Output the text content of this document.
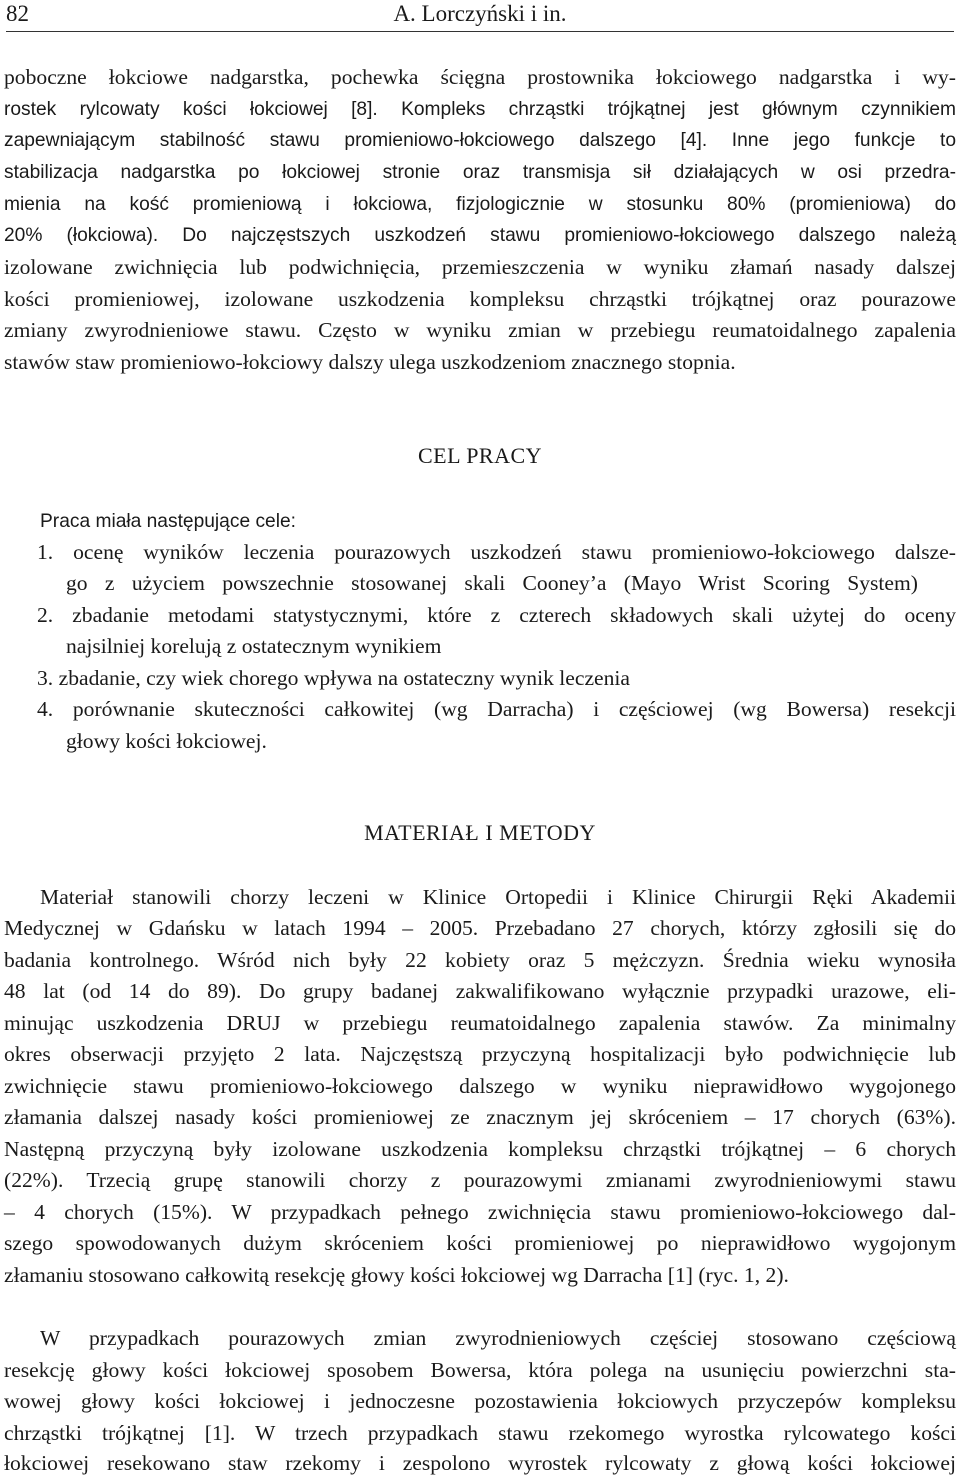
82	A. Lorczyński i in.
poboczne łokciowe nadgarstka, pochewka ścięgna prostownika łokciowego nadgarstka i wy-
rostek rylcowaty kości łokciowej [8]. Kompleks chrząstki trójkątnej jest głównym czynnikiem
zapewniającym stabilność stawu promieniowo-łokciowego dalszego [4]. Inne jego funkcje to
stabilizacja nadgarstka po łokciowej stronie oraz transmisja sił działających w osi przedra-
mienia na kość promieniową i łokciowa, fizjologicznie w stosunku 80% (promieniowa) do
20% (łokciowa). Do najczęstszych uszkodzeń stawu promieniowo-łokciowego dalszego należą
izolowane zwichnięcia lub podwichnięcia, przemieszczenia w wyniku złamań nasady dalszej
kości promieniowej, izolowane uszkodzenia kompleksu chrząstki trójkątnej oraz pourazowe
zmiany zwyrodnieniowe stawu. Często w wyniku zmian w przebiegu reumatoidalnego zapalenia
stawów staw promieniowo-łokciowy dalszy ulega uszkodzeniom znacznego stopnia.
CEL PRACY
Praca miała następujące cele:
1. ocenę wyników leczenia pourazowych uszkodzeń stawu promieniowo-łokciowego dalsze-
go z użyciem powszechnie stosowanej skali Cooney’a (Mayo Wrist Scoring System)
2. zbadanie metodami statystycznymi, które z czterech składowych skali użytej do oceny
najsilniej korelują z ostatecznym wynikiem
3. zbadanie, czy wiek chorego wpływa na ostateczny wynik leczenia
4. porównanie skuteczności całkowitej (wg Darracha) i częściowej (wg Bowersa) resekcji
głowy kości łokciowej.
MATERIAŁ I METODY
Materiał stanowili chorzy leczeni w Klinice Ortopedii i Klinice Chirurgii Ręki Akademii
Medycznej w Gdańsku w latach 1994 – 2005. Przebadano 27 chorych, którzy zgłosili się do
badania kontrolnego. Wśród nich były 22 kobiety oraz 5 mężczyzn. Średnia wieku wynosiła
48 lat (od 14 do 89). Do grupy badanej zakwalifikowano wyłącznie przypadki urazowe, eli-
minując uszkodzenia DRUJ w przebiegu reumatoidalnego zapalenia stawów. Za minimalny
okres obserwacji przyjęto 2 lata. Najczęstszą przyczyną hospitalizacji było podwichnięcie lub
zwichnięcie stawu promieniowo-łokciowego dalszego w wyniku nieprawidłowo wygojonego
złamania dalszej nasady kości promieniowej ze znacznym jej skróceniem – 17 chorych (63%).
Następną przyczyną były izolowane uszkodzenia kompleksu chrząstki trójkątnej – 6 chorych
(22%). Trzecią grupę stanowili chorzy z pourazowymi zmianami zwyrodnieniowymi stawu
– 4 chorych (15%). W przypadkach pełnego zwichnięcia stawu promieniowo-łokciowego dal-
szego spowodowanych dużym skróceniem kości promieniowej po nieprawidłowo wygojonym
złamaniu stosowano całkowitą resekcję głowy kości łokciowej wg Darracha [1] (ryc. 1, 2).
W przypadkach pourazowych zmian zwyrodnieniowych częściej stosowano częściową
resekcję głowy kości łokciowej sposobem Bowersa, która polega na usunięciu powierzchni sta-
wowej głowy kości łokciowej i jednoczesne pozostawienia łokciowych przyczepów kompleksu
chrząstki trójkątnej [1]. W trzech przypadkach stawu rzekomego wyrostka rylcowatego kości
łokciowej resekowano staw rzekomy i zespolono wyrostek rylcowaty z głową kości łokciowej
